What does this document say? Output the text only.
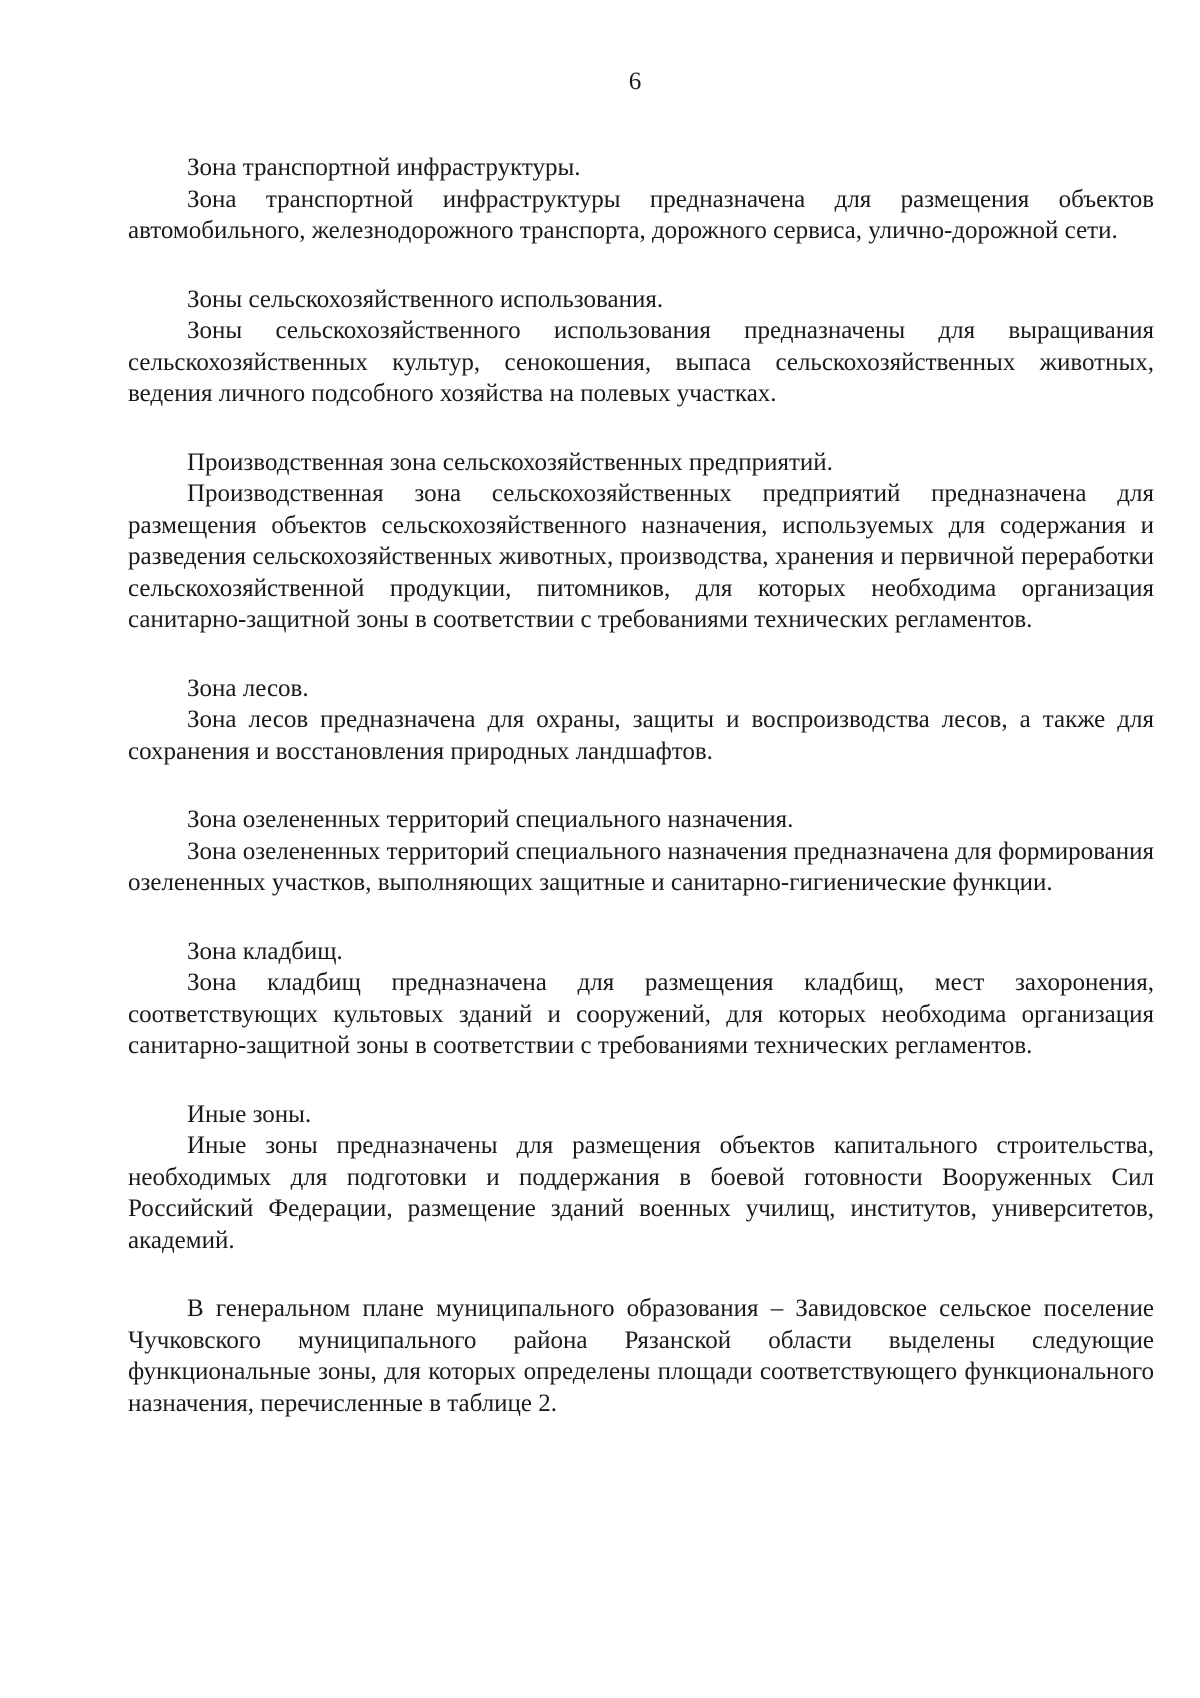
6

Зона транспортной инфраструктуры.

Зона транспортной инфраструктуры предназначена для размещения объектов автомобильного, железнодорожного транспорта, дорожного сервиса, улично-дорожной сети.

Зоны сельскохозяйственного использования.

Зоны сельскохозяйственного использования предназначены для выращивания сельскохозяйственных культур, сенокошения, выпаса сельскохозяйственных животных, ведения личного подсобного хозяйства на полевых участках.

Производственная зона сельскохозяйственных предприятий.

Производственная зона сельскохозяйственных предприятий предназначена для размещения объектов сельскохозяйственного назначения, используемых для содержания и разведения сельскохозяйственных животных, производства, хранения и первичной переработки сельскохозяйственной продукции, питомников, для которых необходима организация санитарно-защитной зоны в соответствии с требованиями технических регламентов.

Зона лесов.

Зона лесов предназначена для охраны, защиты и воспроизводства лесов, а также для сохранения и восстановления природных ландшафтов.

Зона озелененных территорий специального назначения.

Зона озелененных территорий специального назначения предназначена для формирования озелененных участков, выполняющих защитные и санитарно-гигиенические функции.

Зона кладбищ.

Зона кладбищ предназначена для размещения кладбищ, мест захоронения, соответствующих культовых зданий и сооружений, для которых необходима организация санитарно-защитной зоны в соответствии с требованиями технических регламентов.

Иные зоны.

Иные зоны предназначены для размещения объектов капитального строительства, необходимых для подготовки и поддержания в боевой готовности Вооруженных Сил Российский Федерации, размещение зданий военных училищ, институтов, университетов, академий.

В генеральном плане муниципального образования – Завидовское сельское поселение Чучковского муниципального района Рязанской области выделены следующие функциональные зоны, для которых определены площади соответствующего функционального назначения, перечисленные в таблице 2.
